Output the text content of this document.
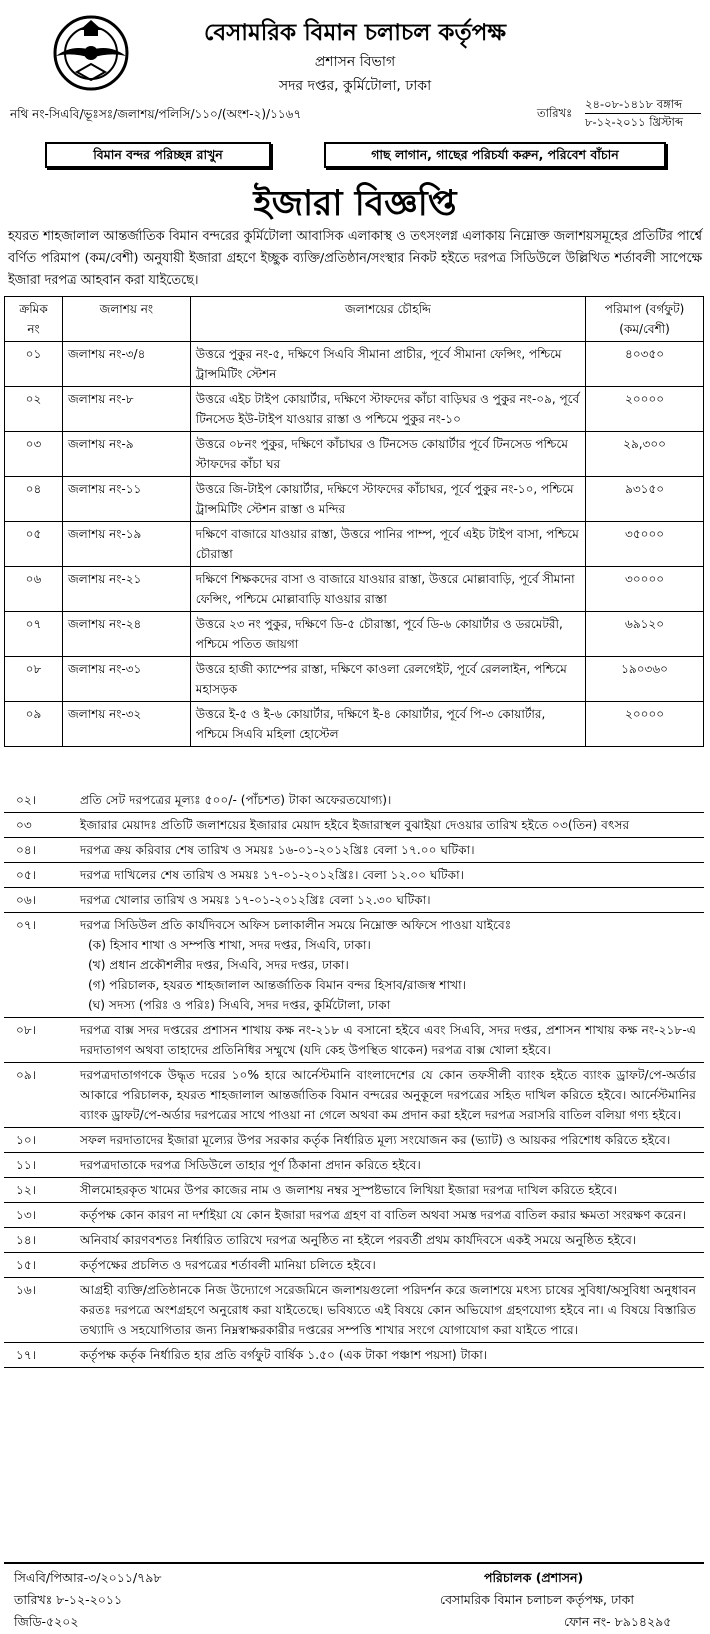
বেসামরিক বিমান চলাচল কর্তৃপক্ষ
প্রশাসন বিভাগ
সদর দপ্তর, কুর্মিটোলা, ঢাকা
নথি নং-সিএবি/ভূঃসঃ/জলাশয়/পলিসি/১১০/(অংশ-২)/১১৬৭	তারিখঃ
২৪-০৮-১৪১৮ বঙ্গাব্দ
৮-১২-২০১১ খ্রিস্টাব্দ
বিমান বন্দর পরিচ্ছন্ন রাখুন	গাছ লাগান, গাছের পরিচর্যা করুন, পরিবেশ বাঁচান
ইজারা বিজ্ঞপ্তি
হযরত শাহজালাল আন্তর্জাতিক বিমান বন্দরের কুর্মিটোলা আবাসিক এলাকাস্থ ও তৎসংলগ্ন এলাকায় নিম্নোক্ত জলাশয়সমূহের প্রতিটির পার্শ্বে বর্ণিত পরিমাপ (কম/বেশী) অনুযায়ী ইজারা গ্রহণে ইচ্ছুক ব্যক্তি/প্রতিষ্ঠান/সংস্থার নিকট হইতে দরপত্র সিডিউলে উল্লিখিত শর্তাবলী সাপেক্ষে ইজারা দরপত্র আহবান করা যাইতেছে।
ক্রমিক
নং	জলাশয় নং	জলাশয়ের চৌহদ্দি	পরিমাপ (বর্গফুট)
(কম/বেশী)
০১	জলাশয় নং-৩/৪	উত্তরে পুকুর নং-৫, দক্ষিণে সিএবি সীমানা প্রাচীর, পূর্বে সীমানা ফেন্সিং, পশ্চিমে ট্রান্সমিটিং স্টেশন	৪০৩৫০
০২	জলাশয় নং-৮	উত্তরে এইচ টাইপ কোয়ার্টার, দক্ষিণে স্টাফদের কাঁচা বাড়িঘর ও পুকুর নং-০৯, পূর্বে টিনসেড ইউ-টাইপ যাওয়ার রাস্তা ও পশ্চিমে পুকুর নং-১০	২০০০০
০৩	জলাশয় নং-৯	উত্তরে ০৮নং পুকুর, দক্ষিণে কাঁচাঘর ও টিনসেড কোয়ার্টার পূর্বে টিনসেড পশ্চিমে স্টাফদের কাঁচা ঘর	২৯,৩০০
০৪	জলাশয় নং-১১	উত্তরে জি-টাইপ কোয়ার্টার, দক্ষিণে স্টাফদের কাঁচাঘর, পূর্বে পুকুর নং-১০, পশ্চিমে ট্রান্সমিটিং স্টেশন রাস্তা ও মন্দির	৯৩১৫০
০৫	জলাশয় নং-১৯	দক্ষিণে বাজারে যাওয়ার রাস্তা, উত্তরে পানির পাম্প, পূর্বে এইচ টাইপ বাসা, পশ্চিমে চৌরাস্তা	৩৫০০০
০৬	জলাশয় নং-২১	দক্ষিণে শিক্ষকদের বাসা ও বাজারে যাওয়ার রাস্তা, উত্তরে মোল্লাবাড়ি, পূর্বে সীমানা ফেন্সিং, পশ্চিমে মোল্লাবাড়ি যাওয়ার রাস্তা	৩০০০০
০৭	জলাশয় নং-২৪	উত্তরে ২৩ নং পুকুর, দক্ষিণে ডি-৫ চৌরাস্তা, পূর্বে ডি-৬ কোয়ার্টার ও ডরমেটরী, পশ্চিমে পতিত জায়গা	৬৯১২০
০৮	জলাশয় নং-৩১	উত্তরে হাজী ক্যাম্পের রাস্তা, দক্ষিণে কাওলা রেলগেইট, পূর্বে রেললাইন, পশ্চিমে মহাসড়ক	১৯০৩৬০
০৯	জলাশয় নং-৩২	উত্তরে ই-৫ ও ই-৬ কোয়ার্টার, দক্ষিণে ই-৪ কোয়ার্টার, পূর্বে পি-৩ কোয়ার্টার, পশ্চিমে সিএবি মহিলা হোস্টেল	২০০০০
০২।	প্রতি সেট দরপত্রের মূল্যঃ ৫০০/- (পাঁচশত) টাকা অফেরতযোগ্য)।
০৩	ইজারার মেয়াদঃ প্রতিটি জলাশয়ের ইজারার মেয়াদ হইবে ইজারাস্থল বুঝাইয়া দেওয়ার তারিখ হইতে ০৩(তিন) বৎসর
০৪।	দরপত্র ক্রয় করিবার শেষ তারিখ ও সময়ঃ ১৬-০১-২০১২খ্রিঃ বেলা ১৭.০০ ঘটিকা।
০৫।	দরপত্র দাখিলের শেষ তারিখ ও সময়ঃ ১৭-০১-২০১২খ্রিঃ। বেলা ১২.০০ ঘটিকা।
০৬।	দরপত্র খোলার তারিখ ও সময়ঃ ১৭-০১-২০১২খ্রিঃ বেলা ১২.৩০ ঘটিকা।
০৭।	দরপত্র সিডিউল প্রতি কার্যদিবসে অফিস চলাকালীন সময়ে নিম্নোক্ত অফিসে পাওয়া যাইবেঃ
(ক) হিসাব শাখা ও সম্পত্তি শাখা, সদর দপ্তর, সিএবি, ঢাকা।
(খ) প্রধান প্রকৌশলীর দপ্তর, সিএবি, সদর দপ্তর, ঢাকা।
(গ) পরিচালক, হযরত শাহজালাল আন্তর্জাতিক বিমান বন্দর হিসাব/রাজস্ব শাখা।
(ঘ) সদস্য (পরিঃ ও পরিঃ) সিএবি, সদর দপ্তর, কুর্মিটোলা, ঢাকা
০৮।	দরপত্র বাক্স সদর দপ্তরের প্রশাসন শাখায় কক্ষ নং-২১৮ এ বসানো হইবে এবং সিএবি, সদর দপ্তর, প্রশাসন শাখায় কক্ষ নং-২১৮-এ দরদাতাগণ অথবা তাহাদের প্রতিনিধির সম্মুখে (যদি কেহ উপস্থিত থাকেন) দরপত্র বাক্স খোলা হইবে।
০৯।	দরপত্রদাতাগণকে উদ্ধৃত দরের ১০% হারে আর্নেস্টমানি বাংলাদেশের যে কোন তফসীলী ব্যাংক হইতে ব্যাংক ড্রাফট/পে-অর্ডার আকারে পরিচালক, হযরত শাহজালাল আন্তর্জাতিক বিমান বন্দরের অনুকূলে দরপত্রের সহিত দাখিল করিতে হইবে। আর্নেস্টমানির ব্যাংক ড্রাফট/পে-অর্ডার দরপত্রের সাথে পাওয়া না গেলে অথবা কম প্রদান করা হইলে দরপত্র সরাসরি বাতিল বলিয়া গণ্য হইবে।
১০।	সফল দরদাতাদের ইজারা মূল্যের উপর সরকার কর্তৃক নির্ধারিত মূল্য সংযোজন কর (ভ্যাট) ও আয়কর পরিশোধ করিতে হইবে।
১১।	দরপত্রদাতাকে দরপত্র সিডিউলে তাহার পূর্ণ ঠিকানা প্রদান করিতে হইবে।
১২।	সীলমোহরকৃত খামের উপর কাজের নাম ও জলাশয় নম্বর সুস্পষ্টভাবে লিখিয়া ইজারা দরপত্র দাখিল করিতে হইবে।
১৩।	কর্তৃপক্ষ কোন কারণ না দর্শাইয়া যে কোন ইজারা দরপত্র গ্রহণ বা বাতিল অথবা সমস্ত দরপত্র বাতিল করার ক্ষমতা সংরক্ষণ করেন।
১৪।	অনিবার্য কারণবশতঃ নির্ধারিত তারিখে দরপত্র অনুষ্ঠিত না হইলে পরবর্তী প্রথম কার্যদিবসে একই সময়ে অনুষ্ঠিত হইবে।
১৫।	কর্তৃপক্ষের প্রচলিত ও দরপত্রের শর্তাবলী মানিয়া চলিতে হইবে।
১৬।	আগ্রহী ব্যক্তি/প্রতিষ্ঠানকে নিজ উদ্যোগে সরেজমিনে জলাশয়গুলো পরিদর্শন করে জলাশয়ে মৎস্য চাষের সুবিধা/অসুবিধা অনুধাবন করতঃ দরপত্রে অংশগ্রহণে অনুরোধ করা যাইতেছে। ভবিষ্যতে এই বিষয়ে কোন অভিযোগ গ্রহণযোগ্য হইবে না। এ বিষয়ে বিস্তারিত তথ্যাদি ও সহযোগিতার জন্য নিম্নস্বাক্ষরকারীর দপ্তরের সম্পত্তি শাখার সংগে যোগাযোগ করা যাইতে পারে।
১৭।	কর্তৃপক্ষ কর্তৃক নির্ধারিত হার প্রতি বর্গফুট বার্ষিক ১.৫০ (এক টাকা পঞ্চাশ পয়সা) টাকা।
সিএবি/পিআর-৩/২০১১/৭৯৮
তারিখঃ ৮-১২-২০১১
জিডি-৫২০২
পরিচালক (প্রশাসন)
বেসামরিক বিমান চলাচল কর্তৃপক্ষ, ঢাকা
ফোন নং- ৮৯১৪২৯৫
